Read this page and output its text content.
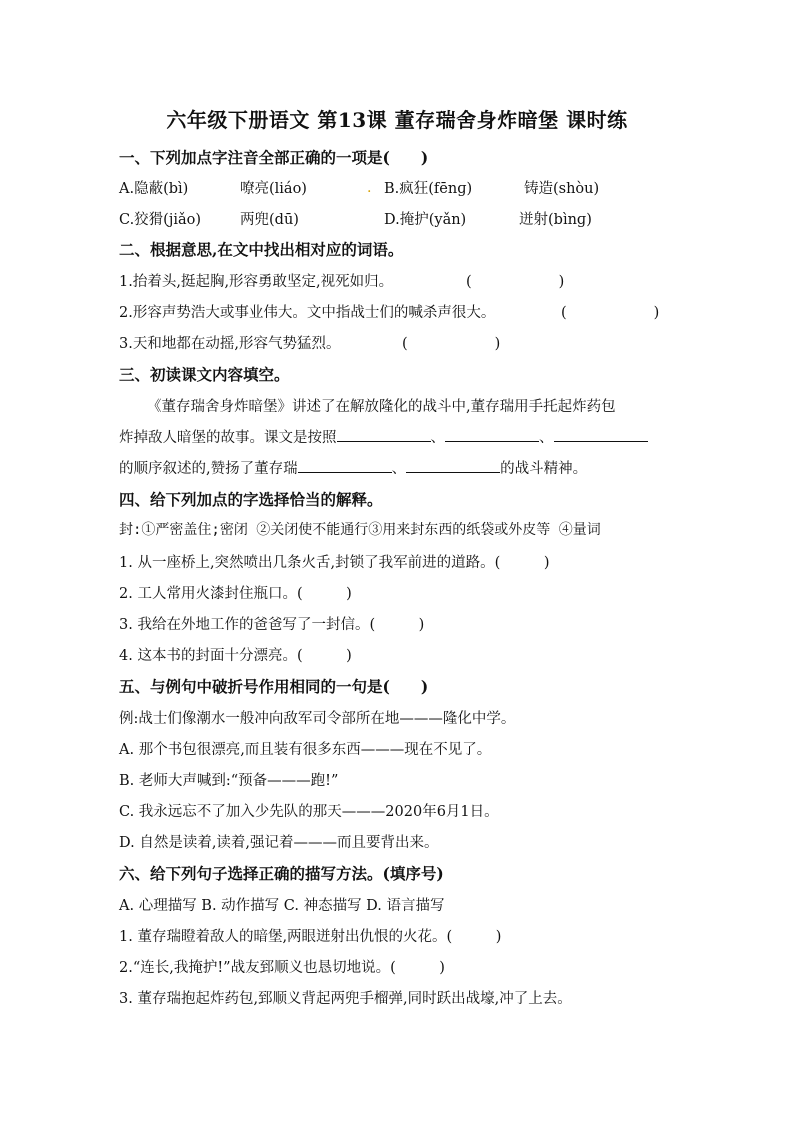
六年级下册语文 第13课 董存瑞舍身炸暗堡 课时练
一、下列加点字注音全部正确的一项是(　　)
A.隐蔽(bì)	嘹亮(liáo)	. B.疯狂(fēnɡ)	铸造(shòu)
C.狡猾(jiǎo)	两兜(dū)	D.掩护(yǎn)	迸射(bìnɡ)
二、根据意思,在文中找出相对应的词语。
1.抬着头,挺起胸,形容勇敢坚定,视死如归。	(　　　　　　)
2.形容声势浩大或事业伟大。文中指战士们的喊杀声很大。	(　　　　　　)
3.天和地都在动摇,形容气势猛烈。	(　　　　　　)
三、初读课文内容填空。
《董存瑞舍身炸暗堡》讲述了在解放隆化的战斗中,董存瑞用手托起炸药包
炸掉敌人暗堡的故事。课文是按照	、	、
的顺序叙述的,赞扬了董存瑞	、	的战斗精神。
四、给下列加点的字选择恰当的解释。
封:①严密盖住;密闭 ②关闭使不能通行③用来封东西的纸袋或外皮等 ④量词
1. 从一座桥上,突然喷出几条火舌,封锁了我军前进的道路。(　　　)
2. 工人常用火漆封住瓶口。(　　　)
3. 我给在外地工作的爸爸写了一封信。(　　　)
4. 这本书的封面十分漂亮。(　　　)
五、与例句中破折号作用相同的一句是(　　)
例:战士们像潮水一般冲向敌军司令部所在地———隆化中学。
A. 那个书包很漂亮,而且装有很多东西———现在不见了。
B. 老师大声喊到:“预备———跑!”
C. 我永远忘不了加入少先队的那天———2020年6月1日。
D. 自然是读着,读着,强记着———而且要背出来。
六、给下列句子选择正确的描写方法。(填序号)
A. 心理描写 B. 动作描写 C. 神态描写 D. 语言描写
1. 董存瑞瞪着敌人的暗堡,两眼迸射出仇恨的火花。(　　　)
2.“连长,我掩护!”战友郅顺义也恳切地说。(　　　)
3. 董存瑞抱起炸药包,郅顺义背起两兜手榴弹,同时跃出战壕,冲了上去。
